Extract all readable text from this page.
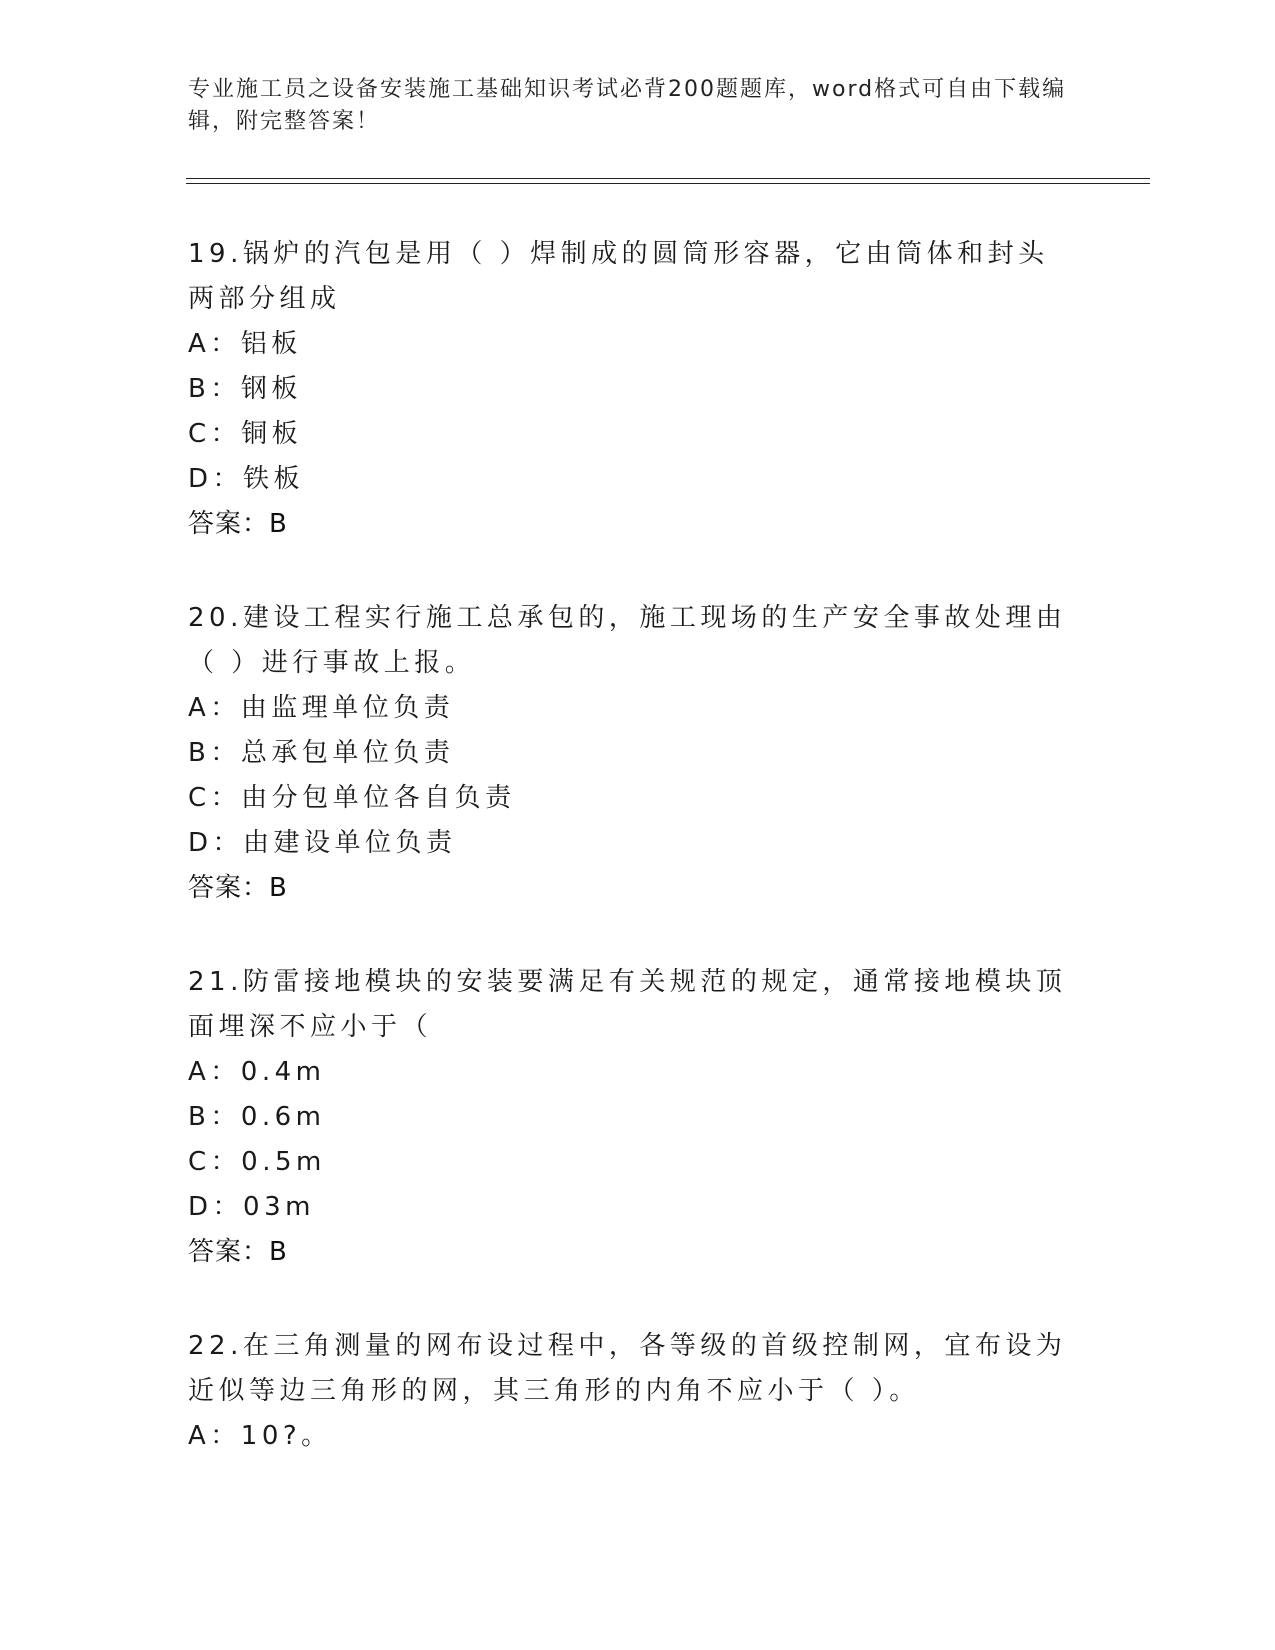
专业施工员之设备安装施工基础知识考试必背200题题库，word格式可自由下载编辑，附完整答案！
19.锅炉的汽包是用（ ）焊制成的圆筒形容器，它由筒体和封头两部分组成
A：铝板
B：钢板
C：铜板
D：铁板
答案：B
20.建设工程实行施工总承包的，施工现场的生产安全事故处理由（ ）进行事故上报。
A：由监理单位负责
B：总承包单位负责
C：由分包单位各自负责
D：由建设单位负责
答案：B
21.防雷接地模块的安装要满足有关规范的规定，通常接地模块顶面埋深不应小于（
A：0.4m
B：0.6m
C：0.5m
D：03m
答案：B
22.在三角测量的网布设过程中，各等级的首级控制网，宜布设为近似等边三角形的网，其三角形的内角不应小于（ ）。
A：10?。
